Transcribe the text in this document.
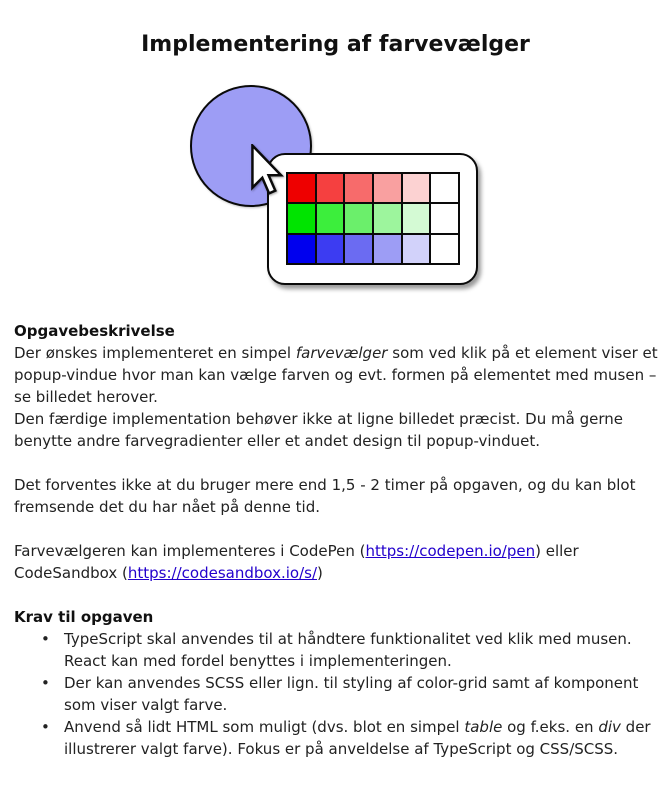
Implementering af farvevælger
Opgavebeskrivelse

Der ønskes implementeret en simpel farvevælger som ved klik på et element viser et popup-vindue hvor man kan vælge farven og evt. formen på elementet med musen – se billedet herover.

Den færdige implementation behøver ikke at ligne billedet præcist. Du må gerne benytte andre farvegradienter eller et andet design til popup-vinduet.

Det forventes ikke at du bruger mere end 1,5 - 2 timer på opgaven, og du kan blot fremsende det du har nået på denne tid.

Farvevælgeren kan implementeres i CodePen (https://codepen.io/pen) eller CodeSandbox (https://codesandbox.io/s/)

Krav til opgaven
• TypeScript skal anvendes til at håndtere funktionalitet ved klik med musen. React kan med fordel benyttes i implementeringen.
• Der kan anvendes SCSS eller lign. til styling af color-grid samt af komponent som viser valgt farve.
• Anvend så lidt HTML som muligt (dvs. blot en simpel table og f.eks. en div der illustrerer valgt farve). Fokus er på anveldelse af TypeScript og CSS/SCSS.
